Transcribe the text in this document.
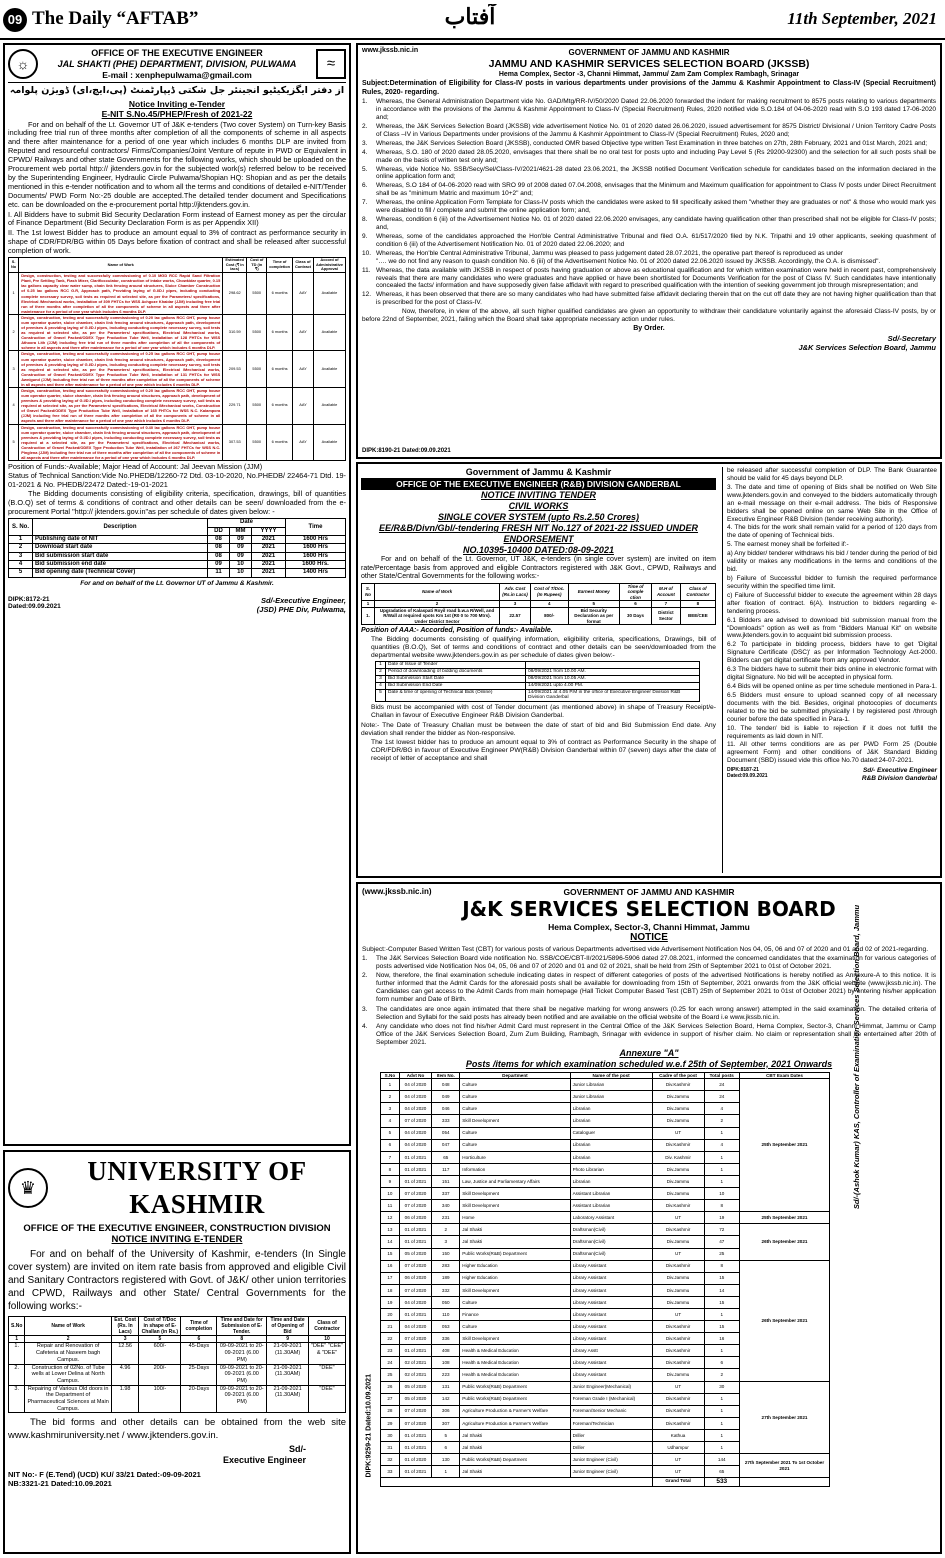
09 The Daily “AFTAB”	آفتاب	11th September, 2021
☼
OFFICE OF THE EXECUTIVE ENGINEER
JAL SHAKTI (PHE) DEPARTMENT, DIVISION, PULWAMA
E-mail : xenphepulwama@gmail.com
≈
از دفتر ایگزیکیٹیو انجینئر جل شکتی ڈیپارٹمنٹ (پی،ایچ،ای) ڈویژن پلوامہ
Notice Inviting e-Tender
E-NIT S.No.45/PHEP/Fresh of 2021-22

For and on behalf of the Lt. Governor UT of J&K e-tenders (Two cover System) on Turn-key Basis including free trial run of three months after completion of all the components of scheme in all aspects and there after maintenance for a period of one year which includes 6 months DLP are invited from Reputed and resourceful contractors/ Firms/Companies/Joint Venture of repute in PWD or Equivalent in CPWD/ Railways and other state Governments for the following works, which should be uploaded on the Procurement web portal http:// jktenders.gov.in for the subjected work(s) referred below to be received by the Superintending Engineer, Hydraulic Circle Pulwama/Shopian HQ: Shopian and as per the details mentioned in this e-tender notification and to whom all the terms and conditions of detailed e-NIT/Tender Documents/ PWD Form No:-25 double are accepted.The detailed tender document and Specifications etc. can be downloaded on the e-procurement portal http://jktenders.gov.in.

I. All Bidders have to submit Bid Security Declaration Form instead of Earnest money as per the circular of Finance Department (Bid Security Declaration Form is as per Appendix XII)

II. The 1st lowest Bidder has to produce an amount equal to 3% of contract as performance security in shape of CDR/FDR/BG within 05 Days before fixation of contract and shall be released after successful completion of work.

S. No	Name of Work	Estimated Cost (₹ in lacs)	Cost of TD (in ₹)	Time of completion	Class of Contract	Accord of Administrative Approval
1	Design, construction, testing and successfully commissioning of 0.10 MGD RCC Rapid Sand Filtration Plant, Pre Settling Tank, Flash Mixer, Clariflocculator, construction of intake works, Chowkidar quarter, 0.15 lac gallons capacity clear water sump, chain link fencing around structures, Sluice Chamber Construction of 0.25 lac gallons RCC G.R, Approach path, Providing laying of G.I/D.I pipes, including conducting complete necessary survey, soil tests as required at selected site, as per the Parameters/ specifications, Electrical /Mechanical works, installation of 309 FHTCs for WSS Achgoze Khaidar (JJM) including free trial run of three months after completion of all the components of scheme in all aspects and there after maintenance for a period of one year which includes 6 months DLP.	298.62	5500	6 months	AAY	Available
2	Design, construction, testing and successfully commissioning of 0.20 lac gallons RCC OHT, pump house cum operator quarter, sluice chamber, chain link fencing around structures, Approach path, development of premises & providing laying of G.I/D.I pipes, including conducting complete necessary survey, soil tests as required at selected site, as per the Parameters/ specifications, Electrical /Mechanical works, Construction of Gravel Packed/ODEX Type Production Tube Well, installation of 128 FHTCs for WSS Athoora Lith (JJM) including free trial run of three months after completion of all the components of scheme in all aspects and there after maintenance for a period of one year which includes 6 months DLP.	310.59	5500	6 months	AAY	Available
3	Design, construction, testing and successfully commissioning of 0.25 lac gallons RCC OHT, pump house cum operator quarter, sluice chamber, chain link fencing around structures, Approach path, development of premises & providing laying of G.I/D.I pipes, including conducting complete necessary survey, soil tests as required at selected site, as per the Parameters/ specifications, Electrical /Mechanical works, Construction of Gravel Packed/ODEX Type Production Tube Well, installation of 131 FHTCs for WSS Awnigund (JJM) including free trial run of three months after completion of all the components of scheme in all aspects and there after maintenance for a period of one year which includes 6 months DLP.	209.53	5500	6 months	AAY	Available
4	Design, construction, testing and successfully commissioning of 0.20 lac gallons RCC OHT, pump house cum operator quarter, sluice chamber, chain link fencing around structures, approach path, development of premises & providing laying of G.I/D.I pipes, including conducting complete necessary survey, soil tests as required at selected site, as per the Parameters/ specifications, Electrical /Mechanical works, Construction of Gravel Packed/ODEX Type Production Tube Well, installation of 165 FHTCs for WSS N.C. Kalampora (JJM) including free trial run of three months after completion of all the components of scheme in all aspects and there after maintenance for a period of one year which includes 6 months DLP.	229.71	5500	6 months	AAY	Available
5	Design, construction, testing and successfully commissioning of 0.40 lac gallons RCC OHT, pump house cum operator quarter, sluice chamber, chain link fencing around structures, approach path, development of premises & providing laying of G.I/D.I pipes, including conducting complete necessary survey, soil tests as required at a selected site, as per the Parameters/ specifications, Electrical /Mechanical works, Construction of Gravel Packed/ODEX Type Production Tube Well, installation of 267 FHTCs for WSS N.C. Pinglena (JJM) including free trial run of three months after completion of all the components of scheme in all aspects and there after maintenance for a period of one year which includes 6 months DLP.	307.53	5500	6 months	AAY	Available
Position of Funds:-Available; Major Head of Account: Jal Jeevan Mission (JJM)
Status of Technical Sanction:Vide No.PHEDB/12260-72 Dtd. 03-10-2020, No.PHEDB/ 22464-71 Dtd. 19-01-2021 & No. PHEDB/22472 Dated:-19-01-2021

The Bidding documents consisting of eligibility criteria, specification, drawings, bill of quantities (B.O.Q) set of terms & conditions of contract and other details can be seen/ downloaded from the e-procurement Portal "http:// jktenders.gov.in"as per schedule of dates given below: -

S. No.	Description	Date			Time
		DD	MM	YYYY	
1	Publishing date of NIT	08	09	2021	1600 Hrs
2	Download start date	08	09	2021	1600 Hrs
3	Bid submission start date	08	09	2021	1600 Hrs
4	Bid submission end date	09	10	2021	1600 Hrs.
5	Bid opening date (Technical Cover)	11	10	2021	1400 Hrs
For and on behalf of the Lt. Governor UT of Jammu & Kashmir.
DIPK:8172-21
Dated:09.09.2021
Sd/-Executive Engineer,
(JSD) PHE Div, Pulwama,
♛
UNIVERSITY OF KASHMIR
OFFICE OF THE EXECUTIVE ENGINEER, CONSTRUCTION DIVISION
NOTICE INVITING E-TENDER

For and on behalf of the University of Kashmir, e-tenders (In Single cover system) are invited on item rate basis from approved and eligible Civil and Sanitary Contractors registered with Govt. of J&K/ other union territories and CPWD, Railways and other State/ Central Governments for the following works:-

S.No	Name of Work	Est. Cost (Rs. In Lacs)	Cost of T/Doc in shape of E-Challan (in Rs.)	Time of completion	Time and Date for Submission of E-Tender.	Time and Date of Opening of Bid	Class of Contractor
1	2	3	5	6	8	9	10
1.	Repair and Renovation of Cafeteria at Naseem bagh Campus.	12.56	600/-	45-Days	09-09-2021 to 20-09-2021 (6.00 PM)	21-09-2021 (11.30AM)	"DEE" "CEE" & "DEE"
2.	Construction of 02No. of Tube wells at Lower Delina at North Campus.	4.96	200/-	25-Days	09-09-2021 to 20-09-2021 (6.00 PM)	21-09-2021 (11.30AM)	"DEE"
3.	Repairing of Various Old doors in the Department of Pharmaceutical Sciences at Main Campus.	1.98	100/-	20-Days	09-09-2021 to 20-09-2021 (6.00 PM)	21-09-2021 (11.30AM)	"DEE"

The bid forms and other details can be obtained from the web site www.kashmiruniversity.net / www.jktenders.gov.in.

Sd/-
Executive Engineer
NIT No:- F (E.Tend) (UCD) KU/ 33/21 Dated:-09-09-2021
NB:3321-21 Dated:10.09.2021
www.jkssb.nic.in	GOVERNMENT OF JAMMU AND KASHMIR
JAMMU AND KASHMIR SERVICES SELECTION BOARD (JKSSB)
Hema Complex, Sector -3, Channi Himmat, Jammu/ Zam Zam Complex Rambagh, Srinagar

Subject:Determination of Eligibility for Class-IV posts in various departments under provisions of the Jammu & Kashmir Appointment to Class-IV (Special Recruitment) Rules, 2020- regarding.

1.	Whereas, the General Administration Department vide No. GAD/Mtg/RR-IV/50/2020 Dated 22.06.2020 forwarded the indent for making recruitment to 8575 posts relating to various departments in accordance with the provisions of the Jammu & Kashmir Appointment to Class-IV (Special Recruitment) Rules, 2020 notified vide S.O.184 of 04-06-2020 read with S.O 193 dated 17-06-2020 and;
2.	Whereas, the J&K Services Selection Board (JKSSB) vide advertisement Notice No. 01 of 2020 dated 26.06.2020, issued advertisement for 8575 District/ Divisional / Union Territory Cadre Posts of Class –IV in Various Departments under provisions of the Jammu & Kashmir Appointment to Class-IV (Special Recruitment) Rules, 2020 and;
3.	Whereas, the J&K Services Selection Board (JKSSB), conducted OMR based Objective type written Test Examination in three batches on 27th, 28th February, 2021 and 01st March, 2021 and;
4.	Whereas, S.O. 180 of 2020 dated 28.05.2020, envisages that there shall be no oral test for posts upto and including Pay Level 5 (Rs 29200-92300) and the selection for all such posts shall be made on the basis of written test only and;
5.	Whereas, vide Notice No. SSB/Secy/Sel/Class-IV/2021/4621-28 dated 23.06.2021, the JKSSB notified Document Verification schedule for candidates based on the information declared in the online application form and;
6.	Whereas, S.O 184 of 04-06-2020 read with SRO 99 of 2008 dated 07.04.2008, envisages that the Minimum and Maximum qualification for appointment to Class IV posts under Direct Recruitment shall be as "minimum Matric and maximum 10+2" and;
7.	Whereas, the online Application Form Template for Class-IV posts which the candidates were asked to fill specifically asked them "whether they are graduates or not" & those who would mark yes were disabled to fill / complete and submit the online application form; and,
8.	Whereas, condition 6 (iii) of the Advertisement Notice No. 01 of 2020 dated 22.06.2020 envisages, any candidate having qualification other than prescribed shall not be eligible for Class-IV posts; and,
9.	Whereas, some of the candidates approached the Hon'ble Central Administrative Tribunal and filed O.A. 61/517/2020 filed by N.K. Tripathi and 19 other applicants, seeking quashment of condition 6 (iii) of the Advertisement Notification No. 01 of 2020 dated 22.06.2020; and
10. Whereas, the Hon'ble Central Administrative Tribunal, Jammu was pleased to pass judgement dated 28.07.2021, the operative part thereof is reproduced as under
"…. we do not find any reason to quash condition No. 6 (iii) of the Advertisement Notice No. 01 of 2020 dated 22.06.2020 issued by JKSSB. Accordingly, the O.A. is dismissed".
11. Whereas, the data available with JKSSB in respect of posts having graduation or above as educational qualification and for which written examination were held in recent past, comprehensively reveals that there are many candidates who were graduates and have applied or have been shortlisted for Documents Verification for the post of Class IV. Such candidates have intentionally concealed the facts/ information and have supposedly given false affidavit with regard to prescribed qualification with the intention of seeking government job through misrepresentation; and
12. Whereas, it has been observed that there are so many candidates who had have submitted false affidavit declaring therein that on the cut off date they are not having higher qualification than that is prescribed for the post of Class-IV.

Now, therefore, in view of the above, all such higher qualified candidates are given an opportunity to withdraw their candidature voluntarily against the aforesaid Class-IV posts, by or before 22nd of September, 2021, failing which the Board shall take appropriate necessary action under rules.

By Order.
Sd/-Secretary
J&K Services Selection Board, Jammu
DIPK:8190-21 Dated:09.09.2021
Government of Jammu & Kashmir
OFFICE OF THE EXECUTIVE ENGINEER (R&B) DIVISION GANDERBAL
NOTICE INVITING TENDER
CIVIL WORKS
SINGLE COVER SYSTEM (upto Rs.2.50 Crores)
EE/R&B/Divn/Gbl/-tendering FRESH NIT No.127 of 2021-22 ISSUED UNDER ENDORSEMENT
NO.10395-10400 DATED:08-09-2021

For and on behalf of the Lt. Governor, UT J&K, e-tenders (in single cover system) are invited on item rate/Percentage basis from approved and eligible Contractors registered with J&K Govt., CPWD, Railways and other State/Central Governments for the following works:-

S. No	Name of Work	Adv. Cost (Rs.in Lacs)	Cost of T/Doc. (In Rupees)	Earnest Money	Time of comple ction	M.H of Account	Class of Contractor
1	2	3	4	5	6	7	8
1.	Upgradation of Kalaspati Royil road b.w.a R/Well, and R/Wall at required spots Km 1st (R0 0 to 700 Mtrs). Under District Sector	22.57	800/-	Bid Security Declaration as per format	30 Days	District Sector	BEE/CEE
Position of AAA:- Accorded, Position of funds:- Available.

The Bidding documents consisting of qualifying information, eligibility criteria, specifications, Drawings, bill of quantities (B.O.Q), Set of terms and conditions of contract and other details can be seen/downloaded from the departmental website www.jktenders.gov.in as per schedule of dates given below:-

1	Date of Issue of Tender	
2	Period of downloading of bidding documents	08/09/2021 from 10.00 AM.
3	Bid Submission Start Date	08/09/2021 from 10.05 AM.
4	Bid Submission End Date	14/09/2021 upto 4.00 PM.
5	Date & time of opening of Technical Bids (Online)	14/09/2021 at 4.05 P.M in the office of Executive Engineer Division R&B Division Ganderbal

Bids must be accompanied with cost of Tender document (as mentioned above) in shape of Treasury Receipt/e-Challan in favour of Executive Engineer R&B Division Ganderbal.

Note:- The Date of Treasury Challan must be between the date of start of bid and Bid Submission End date. Any deviation shall render the bidder as Non-responsive.

The 1st lowest bidder has to produce an amount equal to 3% of contract as Performance Security in the shape of CDR/FDR/BG in favour of Executive Engineer PW(R&B) Division Ganderbal within 07 (seven) days after the date of receipt of letter of acceptance and shall

be released after successful completion of DLP. The Bank Guarantee should be valid for 45 days beyond DLP.

3. The date and time of opening of Bids shall be notified on Web Site www.jktenders.gov.in and conveyed to the bidders automatically through an e-mail message on their e-mail address. The bids of Responsive bidders shall be opened online on same Web Site in the Office of Executive Engineer R&B Division (tender receiving authority).

4. The bids for the work shall remain valid for a period of 120 days from the date of opening of Technical bids.

5. The earnest money shall be forfeited if:-

a) Any bidder/ tenderer withdraws his bid / tender during the period of bid validity or makes any modifications in the terms and conditions of the bid.

b) Failure of Successful bidder to furnish the required performance security within the specified time limit.

c) Failure of Successful bidder to execute the agreement within 28 days after fixation of contract. 6(A). Instruction to bidders regarding e-tendering process.

6.1 Bidders are advised to download bid submission manual from the "Downloads" option as well as from "Bidders Manual Kit" on website www.jktenders.gov.in to acquaint bid submission process.

6.2 To participate in bidding process, bidders have to get 'Digital Signature Certificate (DSC)' as per Information Technology Act-2000. Bidders can get digital certificate from any approved Vendor.

6.3 The bidders have to submit their bids online in electronic format with digital Signature. No bid will be accepted in physical form.

6.4 Bids will be opened online as per time schedule mentioned in Para-1.

6.5 Bidders must ensure to upload scanned copy of all necessary documents with the bid. Besides, original photocopies of documents related to the bid be submitted physically I by registered post /through courier before the date specified in Para-1.

10. The tender/ bid is liable to rejection if it does not fulfill the requirements as laid down in NIT.

11. All other terms conditions are as per PWD Form 25 (Double agreement Form) and other conditions of J&K Standard Bidding Document (SBD) issued vide this office No.70 dated:24-07-2021.

DIPK:8187-21
Dated:09.09.2021
Sd/- Executive Engineer
R&B Division Ganderbal
(www.jkssb.nic.in)	GOVERNMENT OF JAMMU AND KASHMIR
J&K SERVICES SELECTION BOARD
Hema Complex, Sector-3, Channi Himmat, Jammu
NOTICE

Subject:-Computer Based Written Test (CBT) for various posts of various Departments advertised vide Advertisement Notification Nos 04, 05, 06 and 07 of 2020 and 01 and 02 of 2021-regarding.

1.	The J&K Services Selection Board vide notification No. SSB/COE/CBT-II/2021/5896-5906 dated 27.08.2021, informed the concerned candidates that the examination for various categories of posts advertised vide Notification Nos 04, 05, 06 and 07 of 2020 and 01 and 02 of 2021, shall be held from 25th of September 2021 to 01st of October 2021.
2.	Now, therefore, the final examination schedule indicating dates in respect of different categories of posts of the advertised Notifications is hereby notified as Annexure-A to this notice. It is further informed that the Admit Cards for the aforesaid posts shall be available for downloading from 15th of September, 2021 onwards from the J&K official website (www.jkssb.nic.in). The Candidates can get access to the Admit Cards from main homepage (Hall Ticket Computer Based Test (CBT) 25th of September 2021 to 01st of October 2021) by entering his/her application form number and Date of Birth.
3.	The candidates are once again intimated that there shall be negative marking for wrong answers (0.25 for each wrong answer) attempted in the said examination. The detailed criteria of Selection and Syllabi for the said posts has already been notified and are available on the official website of the Board i.e www.jkssb.nic.in.
4.	Any candidate who does not find his/her Admit Card must represent in the Central Office of the J&K Services Selection Board, Hema Complex, Sector-3, Channi Himmat, Jammu or Camp Office of the J&K Services Selection Board, Zum Zum Building, Rambagh, Srinagar with evidence in support of his/her claim. No claim or representation shall be entertained after 20th of September 2021.
Annexure "A"
Posts /items for which examination scheduled w.e.f 25th of September, 2021 Onwards
DIPK:9259-21 Dated:10.09.2021
S.No	Advt No	Item No.	Department	Name of the post	Cadre of the post	Total posts	CBT Exam Dates
1	04 of 2020	048	Culture	Junior Librarian	Div.Kashmir	24	25th September 2021
2	04 of 2020	049	Culture	Junior Librarian	Div.Jammu	24	
3	04 of 2020	046	Culture	Librarian	Div.Jammu	4	
4	07 of 2020	333	Skill Development	Librarian	Div.Jammu	2	
5	04 of 2020	054	Culture	Cataloguer	UT	1	
6	04 of 2020	047	Culture	Librarian	Div.Kashmir	4	
7	01 of 2021	65	Horticulture	Librarian	Div. Kashmir	1	
8	01 of 2021	117	Information	Photo Librarian	Div.Jammu	1	
9	01 of 2021	151	Law, Justice and Parliamentary Affairs	Librarian	Div.Jammu	1	
10	07 of 2020	337	Skill Development	Assistant Librarian	Div.Jammu	10	
11	07 of 2020	340	Skill Development	Assistant Librarian	Div.Kashmir	8	
12	06 of 2020	231	Home	Laboratory Assistant	UT	19	25th September 2021
13	01 of 2021	2	Jal Shakti	Draftsman(Civil)	Div.Kashmir	72	26th September 2021
14	01 of 2021	3	Jal Shakti	Draftsman(Civil)	Div.Jammu	47	
15	05 of 2020	150	Public Works(R&B) Department	Draftsman(Civil)	UT	25	
16	07 of 2020	283	Higher Education	Library Assistant	Div.Kashmir	8	26th September 2021
17	06 of 2020	189	Higher Education	Library Assistant	Div.Jammu	15	
18	07 of 2020	332	Skill Development	Library Assistant	Div.Jammu	14	
19	04 of 2020	050	Culture	Library Assistant	Div.Jammu	15	
20	01 of 2021	110	Finance	Library Assistant	UT	1	
21	04 of 2020	053	Culture	Library Assistant	Div.Kashmir	15	
22	07 of 2020	336	Skill Development	Library Assistant	Div.Kashmir	16	
23	01 of 2021	408	Health & Medical Education	Library Asstt	Div.Kashmir	1	
24	02 of 2021	108	Health & Medical Education	Library Assistant	Div.Kashmir	6	
25	02 of 2021	223	Health & Medical Education	Library Assistant	Div.Jammu	2	
26	05 of 2020	131	Public Works(R&B) Department	Junior Engineer(Mechanical)	UT	30	27th September 2021
27	05 of 2020	142	Public Works(R&B) Department	Foreman Grade I (Mechanical)	Div.Kashmir	1	
28	07 of 2020	306	Agriculture Production & Farmer's Welfare	Foreman/Senior Mechanic	Div.Kashmir	1	
29	07 of 2020	307	Agriculture Production & Farmer's Welfare	Foreman/Technician	Div.Kashmir	1	
30	01 of 2021	5	Jal Shakti	Driller	Kathua	1	
31	01 of 2021	6	Jal Shakti	Driller	Udhampur	1	
32	01 of 2020	130	Public Works(R&B) Department	Junior Engineer (Civil)	UT	144	27th September 2021 To 1st October 2021
33	01 of 2021	1	Jal Shakti	Junior Engineer (Civil)	UT	65	
					Grand Total	533	
Sd/-(Ashok Kumar) KAS, Controller of Examination Services Selection Board, Jammu
